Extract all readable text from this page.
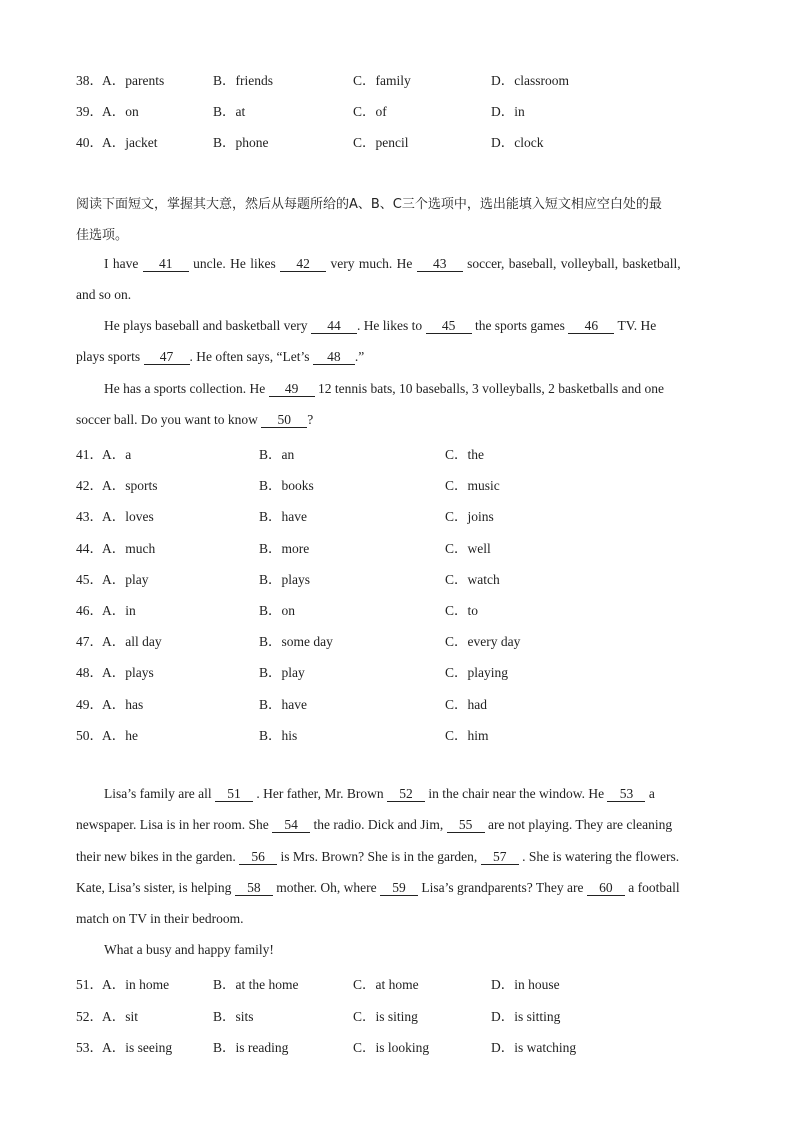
38． A．parents	B．friends	C．family	D．classroom
39． A．on	B．at	C．of	D．in
40． A．jacket	B．phone	C．pencil	D．clock
阅读下面短文，掌握其大意，然后从每题所给的A、B、C三个选项中，选出能填入短文相应空白处的最
佳选项。
I have 41 uncle. He likes 42 very much. He 43 soccer, baseball, volleyball, basketball,
and so on.
He plays baseball and basketball very 44 . He likes to 45 the sports games 46 TV. He
plays sports 47 . He often says, “Let’s 48 .”
He has a sports collection. He 49 12 tennis bats, 10 baseballs, 3 volleyballs, 2 basketballs and one
soccer ball. Do you want to know 50 ?
41． A．a	B．an	C．the
42． A．sports	B．books	C．music
43． A．loves	B．have	C．joins
44． A．much	B．more	C．well
45． A．play	B．plays	C．watch
46． A．in	B．on	C．to
47． A．all day	B．some day	C．every day
48． A．plays	B．play	C．playing
49． A．has	B．have	C．had
50． A．he	B．his	C．him
Lisa’s family are all 51 . Her father, Mr. Brown 52 in the chair near the window. He 53 a
newspaper. Lisa is in her room. She 54 the radio. Dick and Jim, 55 are not playing. They are cleaning
their new bikes in the garden. 56 is Mrs. Brown? She is in the garden, 57 . She is watering the flowers.
Kate, Lisa’s sister, is helping 58 mother. Oh, where 59 Lisa’s grandparents? They are 60 a football
match on TV in their bedroom.
What a busy and happy family!
51． A．in home	B．at the home	C．at home	D．in house
52． A．sit	B．sits	C．is siting	D．is sitting
53． A．is seeing	B．is reading	C．is looking	D．is watching
